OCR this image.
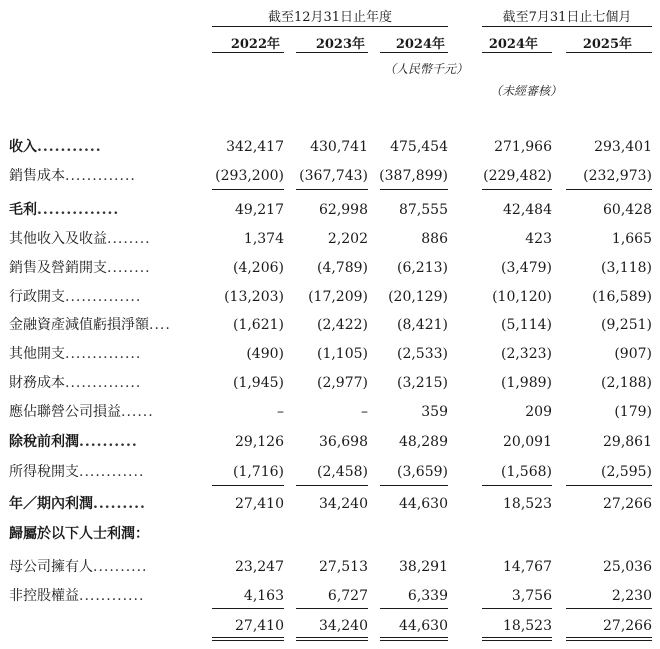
截至12月31日止年度	截至7月31日止七個月
2022年	2023年	2024年	2024年	2025年
（人民幣千元）
（未經審核）
收入...........	342,417	430,741	475,454	271,966	293,401
銷售成本.............	(293,200)	(367,743) (387,899)	(229,482)	(232,973)
毛利..............	49,217	62,998	87,555	42,484	60,428
其他收入及收益........	1,374	2,202	886	423	1,665
銷售及營銷開支........	(4,206)	(4,789)	(6,213)	(3,479)	(3,118)
行政開支..............	(13,203)	(17,209)	(20,129)	(10,120)	(16,589)
金融資產減值虧損淨額....	(1,621)	(2,422)	(8,421)	(5,114)	(9,251)
其他開支..............	(490)	(1,105)	(2,533)	(2,323)	(907)
財務成本..............	(1,945)	(2,977)	(3,215)	(1,989)	(2,188)
應佔聯營公司損益......	–	–	359	209	(179)
除稅前利潤..........	29,126	36,698	48,289	20,091	29,861
所得稅開支............	(1,716)	(2,458)	(3,659)	(1,568)	(2,595)
年／期內利潤.........	27,410	34,240	44,630	18,523	27,266
歸屬於以下人士利潤：
母公司擁有人..........	23,247	27,513	38,291	14,767	25,036
非控股權益............	4,163	6,727	6,339	3,756	2,230
27,410	34,240	44,630	18,523	27,266
